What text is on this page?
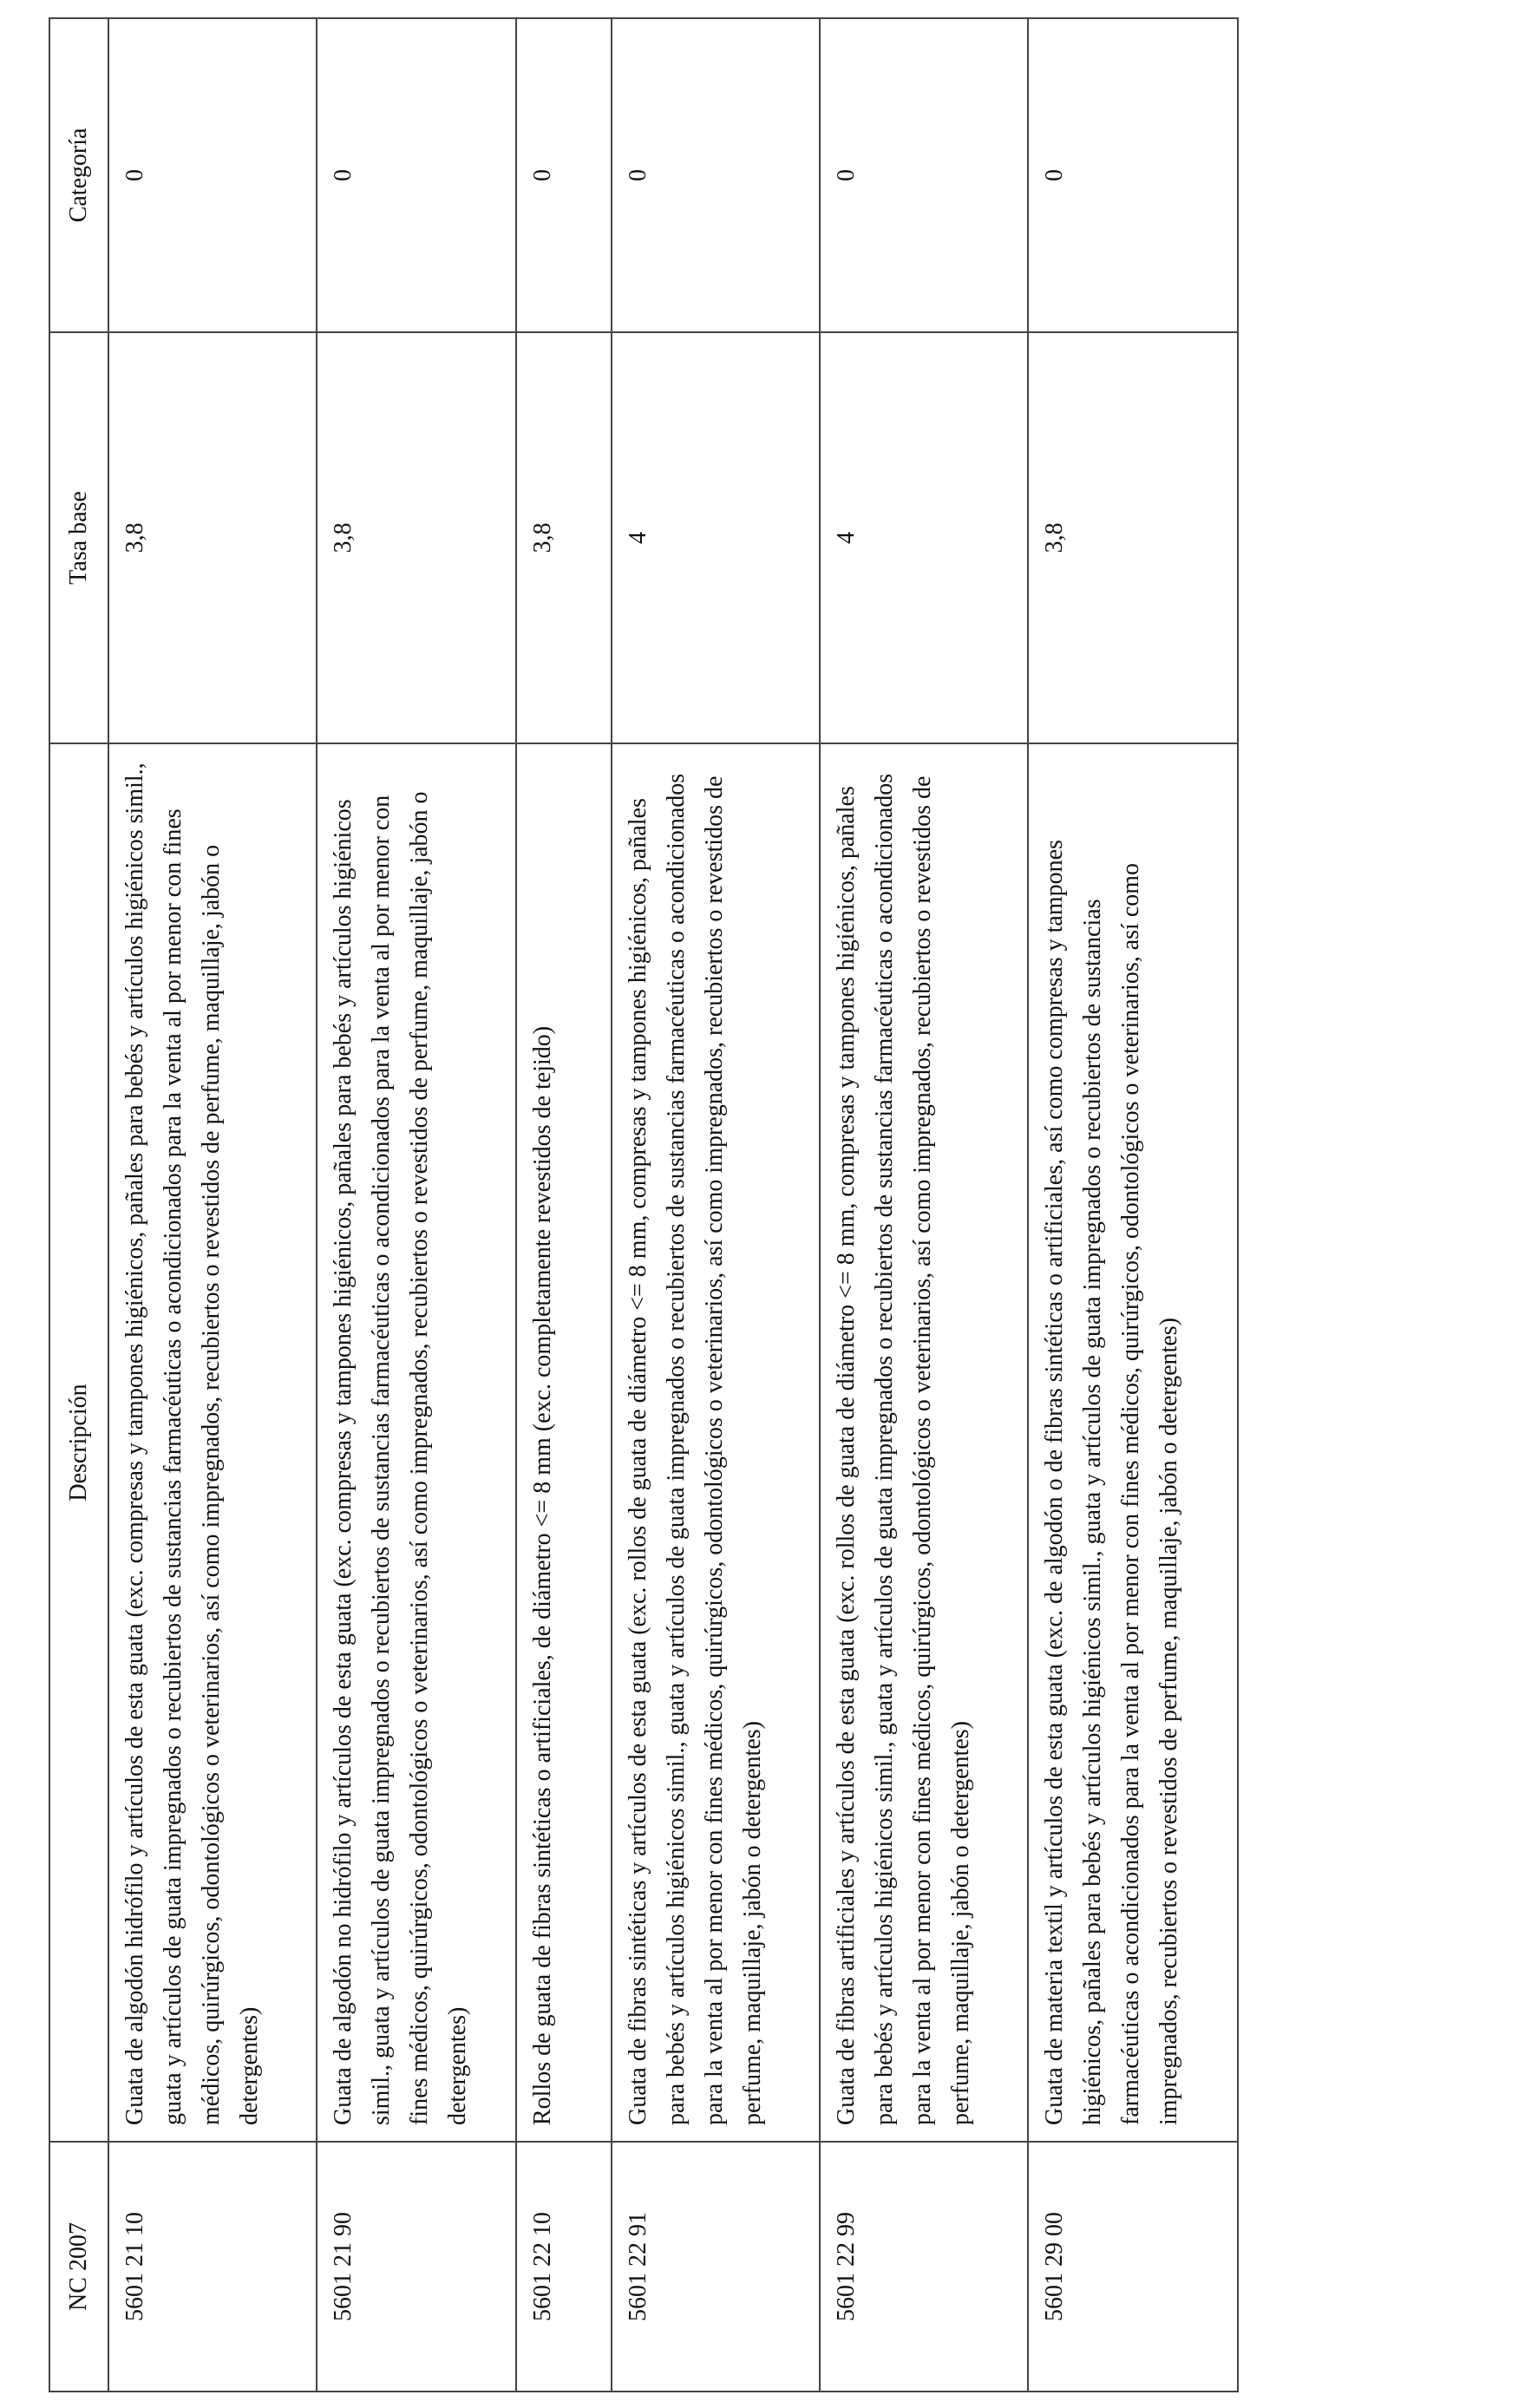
NC 2007	Descripción	Tasa base	Categoría
5601 21 10	Guata de algodón hidrófilo y artículos de esta guata (exc. compresas y tampones higiénicos, pañales para bebés y artículos higiénicos simil., guata y artículos de guata impregnados o recubiertos de sustancias farmacéuticas o acondicionados para la venta al por menor con fines médicos, quirúrgicos, odontológicos o veterinarios, así como impregnados, recubiertos o revestidos de perfume, maquillaje, jabón o detergentes)	3,8	0
5601 21 90	Guata de algodón no hidrófilo y artículos de esta guata (exc. compresas y tampones higiénicos, pañales para bebés y artículos higiénicos simil., guata y artículos de guata impregnados o recubiertos de sustancias farmacéuticas o acondicionados para la venta al por menor con fines médicos, quirúrgicos, odontológicos o veterinarios, así como impregnados, recubiertos o revestidos de perfume, maquillaje, jabón o detergentes)	3,8	0
5601 22 10	Rollos de guata de fibras sintéticas o artificiales, de diámetro <= 8 mm (exc. completamente revestidos de tejido)	3,8	0
5601 22 91	Guata de fibras sintéticas y artículos de esta guata (exc. rollos de guata de diámetro <= 8 mm, compresas y tampones higiénicos, pañales para bebés y artículos higiénicos simil., guata y artículos de guata impregnados o recubiertos de sustancias farmacéuticas o acondicionados para la venta al por menor con fines médicos, quirúrgicos, odontológicos o veterinarios, así como impregnados, recubiertos o revestidos de perfume, maquillaje, jabón o detergentes)	4	0
5601 22 99	Guata de fibras artificiales y artículos de esta guata (exc. rollos de guata de diámetro <= 8 mm, compresas y tampones higiénicos, pañales para bebés y artículos higiénicos simil., guata y artículos de guata impregnados o recubiertos de sustancias farmacéuticas o acondicionados para la venta al por menor con fines médicos, quirúrgicos, odontológicos o veterinarios, así como impregnados, recubiertos o revestidos de perfume, maquillaje, jabón o detergentes)	4	0
5601 29 00	Guata de materia textil y artículos de esta guata (exc. de algodón o de fibras sintéticas o artificiales, así como compresas y tampones higiénicos, pañales para bebés y artículos higiénicos simil., guata y artículos de guata impregnados o recubiertos de sustancias farmacéuticas o acondicionados para la venta al por menor con fines médicos, quirúrgicos, odontológicos o veterinarios, así como impregnados, recubiertos o revestidos de perfume, maquillaje, jabón o detergentes)	3,8	0
